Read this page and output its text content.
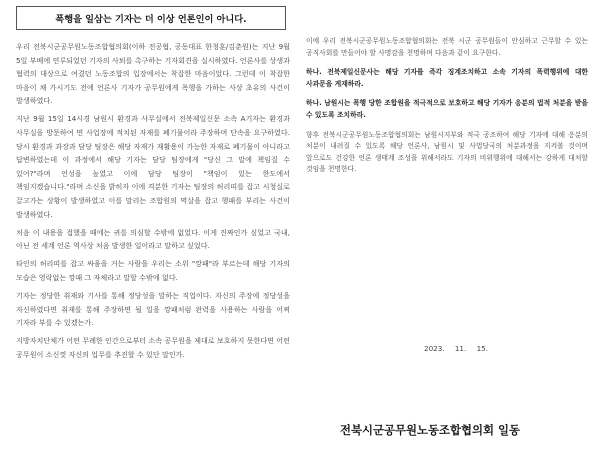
폭행을 일삼는 기자는 더 이상 언론인이 아니다.

우리 전북시군공무원노동조합협의회(이하 전공협, 공동대표 한청훈/김춘원)는 지난 9월 5일 부베에 연루되었던 기자의 사퇴를 촉구하는 기자회견을 실시하였다. 언론사를 상생과 협력의 대상으로 여겼던 노동조합의 입장에서는 착잡한 마음이었다. 그런데 이 착잡한 마음이 채 가시기도 전에 언론사 기자가 공무원에게 폭행을 가하는 사상 초유의 사건이 발생하였다.

지난 9월 15일 14시경 남원시 환경과 사무실에서 전북제일신문 소속 A기자는 환경과 사무실을 방문하여 면 사업장에 적치된 자재를 폐기물이라 주장하며 단속을 요구하였다. 당시 환경과 과장과 담당 팀장은 해당 자재가 재활용이 가능한 자재로 폐기물이 아니라고 답변하였는데 이 과정에서 해당 기자는 담당 팀장에게 "당신 그 말에 책임질 수 있어?"라며 언성을 높였고 이에 담당 팀장이 "책임이 있는 한도에서 책임지겠습니다."라며 소신을 밝히자 이에 격분한 기자는 팀장의 허리띠를 잡고 시청실로 끌고가는 상황이 발생하였고 이를 말리는 조합원의 멱살을 잡고 행패를 부리는 사건이 발생하였다.

처음 이 내용을 접했을 때에는 귀를 의심할 수밖에 없었다. 이게 진짜인가 싶었고 국내, 아닌 전 세계 언론 역사상 처음 발생한 일이라고 말하고 싶었다.

타인의 허리띠를 잡고 싸움을 거는 사람을 우리는 소위 "깡패"라 부르는데 해당 기자의 모습은 영락없는 깡패 그 자체라고 말할 수밖에 없다.

기자는 정당한 취재와 기사를 통해 정당성을 말하는 직업이다. 자신의 주장에 정당성을 자신하였다면 취재를 통해 주장하면 될 일을 깡패처럼 완력을 사용하는 사람을 어찌 기자라 부를 수 있겠는가.

지방자치단체가 어떤 무례한 인간으로부터 소속 공무원을 제대로 보호하지 못한다면 어떤 공무원이 소신껏 자신의 업무를 추진할 수 있단 말인가.

이에 우리 전북시군공무원노동조합협의회는 전북 시군 공무원들이 안심하고 근무할 수 있는 공직사회를 만들어야 할 사명감을 천명하며 다음과 같이 요구한다.

하나. 전북제일신문사는 해당 기자를 즉각 징계조치하고 소속 기자의 폭력행위에 대한 사과문을 게재하라.

하나. 남원시는 폭행 당한 조합원을 적극적으로 보호하고 해당 기자가 응분의 법적 처분을 받을 수 있도록 조치하라.

향후 전북시군공무원노동조합협의회는 남원시지부와 적극 공조하여 해당 기자에 대해 응분의 처분이 내려질 수 있도록 해당 언론사, 남원시 및 사법당국의 처분과정을 지켜볼 것이며 앞으로도 건강한 언론 생태계 조성을 위해서라도 기자의 비위행위에 대해서는 강하게 대처할 것임을 천명한다.

2023. 11. 15.
전북시군공무원노동조합협의회 일동
